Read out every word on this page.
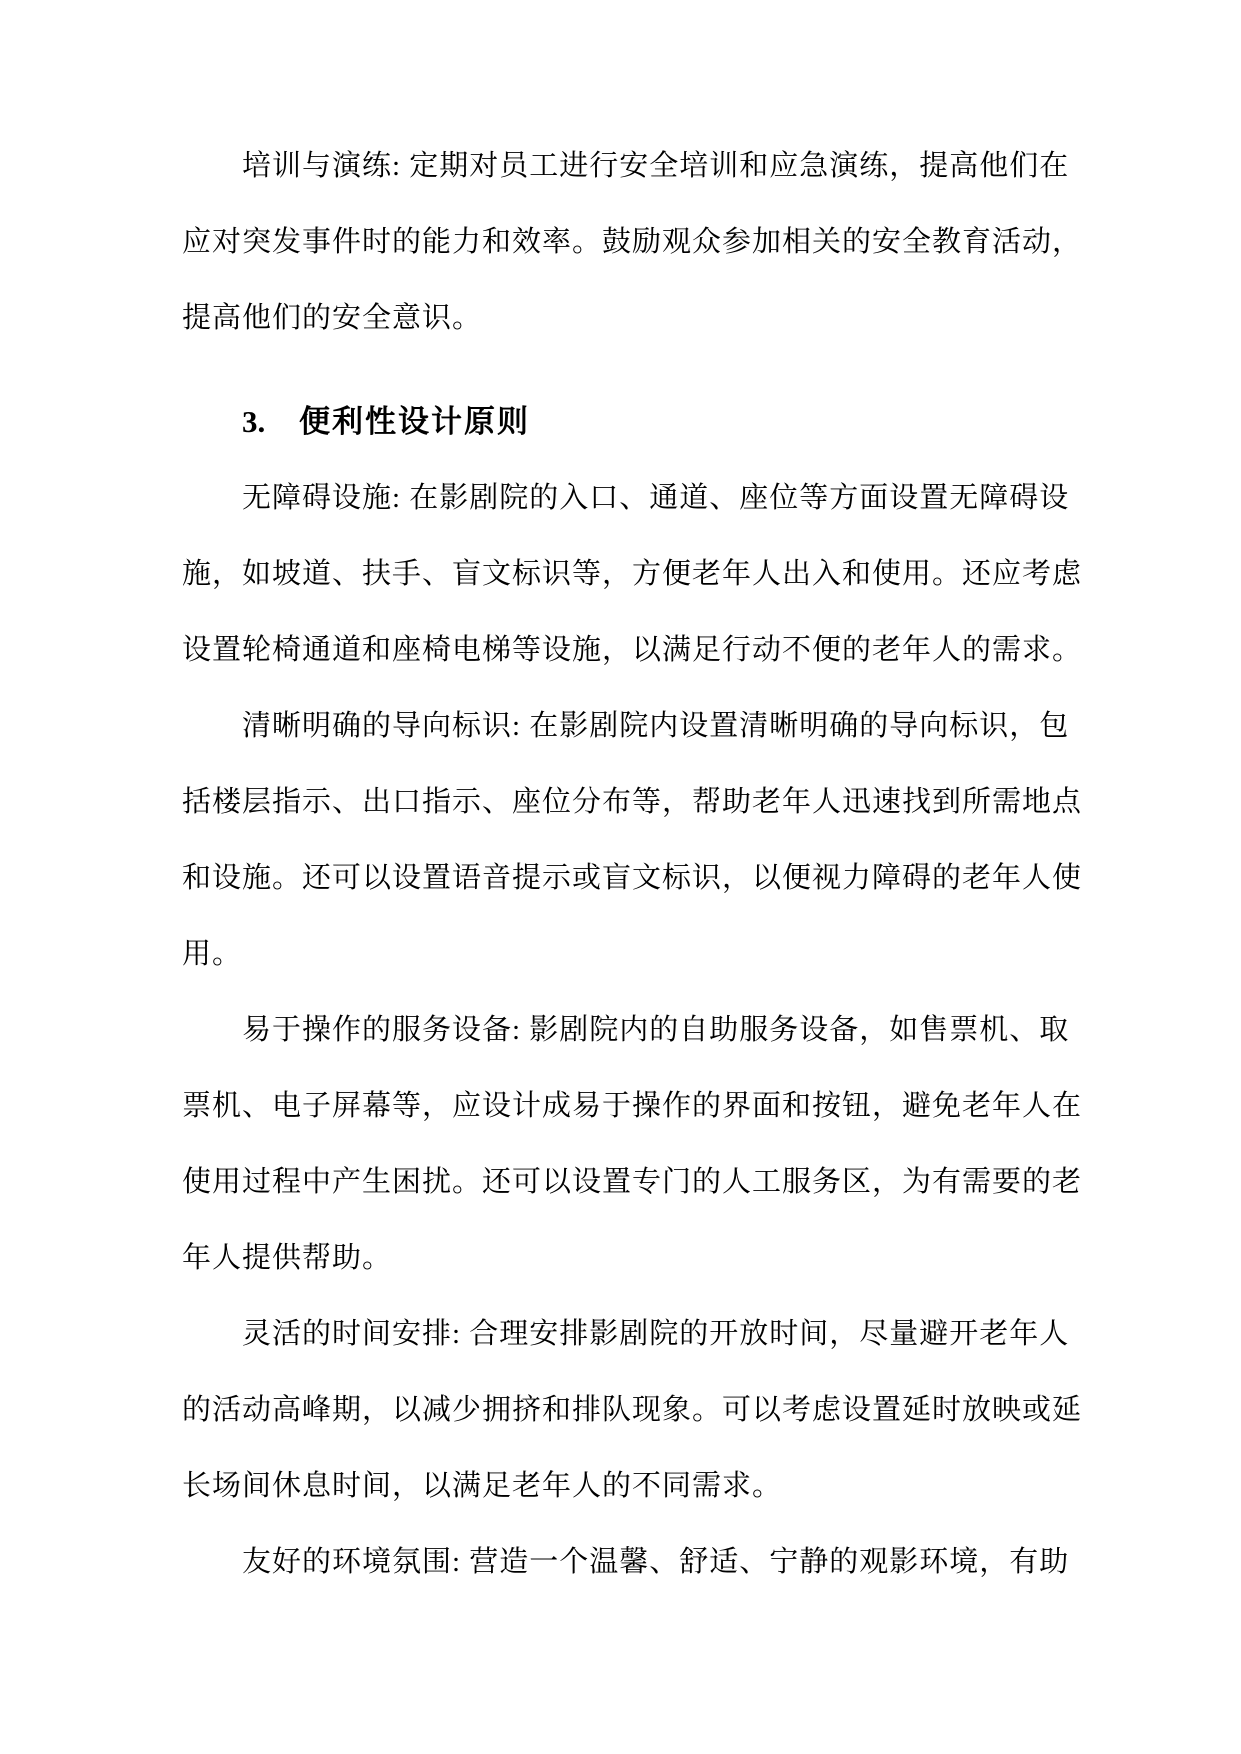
培训与演练: 定期对员工进行安全培训和应急演练，提高他们在
应对突发事件时的能力和效率。鼓励观众参加相关的安全教育活动，
提高他们的安全意识。

3. 便利性设计原则

无障碍设施: 在影剧院的入口、通道、座位等方面设置无障碍设
施，如坡道、扶手、盲文标识等，方便老年人出入和使用。还应考虑
设置轮椅通道和座椅电梯等设施，以满足行动不便的老年人的需求。

清晰明确的导向标识: 在影剧院内设置清晰明确的导向标识，包
括楼层指示、出口指示、座位分布等，帮助老年人迅速找到所需地点
和设施。还可以设置语音提示或盲文标识，以便视力障碍的老年人使
用。

易于操作的服务设备: 影剧院内的自助服务设备，如售票机、取
票机、电子屏幕等，应设计成易于操作的界面和按钮，避免老年人在
使用过程中产生困扰。还可以设置专门的人工服务区，为有需要的老
年人提供帮助。

灵活的时间安排: 合理安排影剧院的开放时间，尽量避开老年人
的活动高峰期，以减少拥挤和排队现象。可以考虑设置延时放映或延
长场间休息时间，以满足老年人的不同需求。

友好的环境氛围: 营造一个温馨、舒适、宁静的观影环境，有助
